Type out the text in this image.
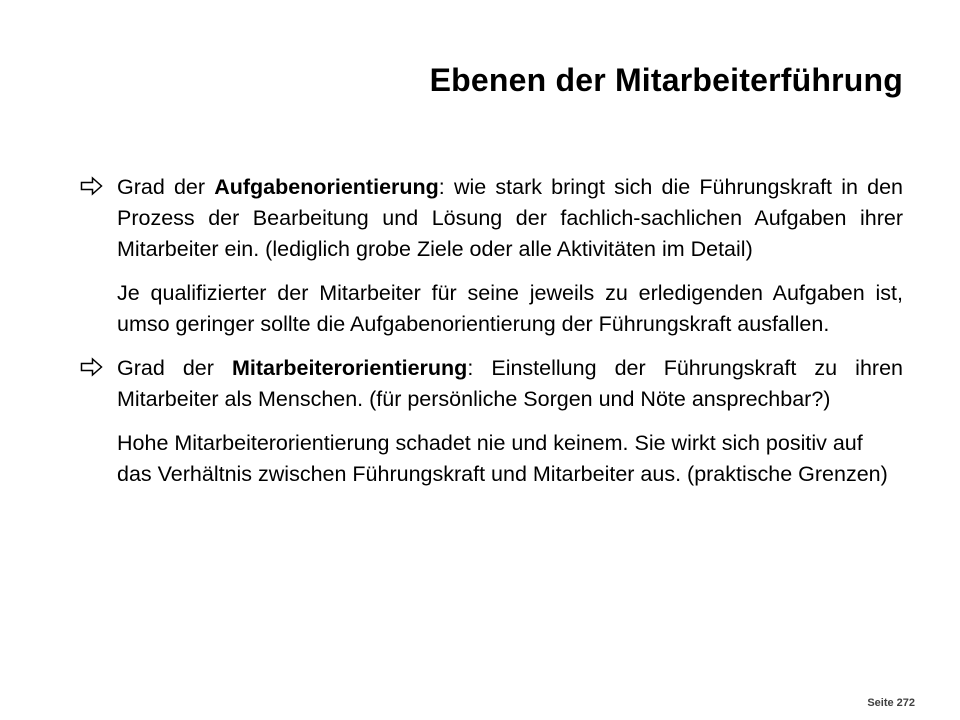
Ebenen der Mitarbeiterführung

Grad der Aufgabenorientierung: wie stark bringt sich die Führungskraft in den Prozess der Bearbeitung und Lösung der fachlich-sachlichen Aufgaben ihrer Mitarbeiter ein. (lediglich grobe Ziele oder alle Aktivitäten im Detail)

Je qualifizierter der Mitarbeiter für seine jeweils zu erledigenden Aufgaben ist, umso geringer sollte die Aufgabenorientierung der Führungskraft ausfallen.

Grad der Mitarbeiterorientierung: Einstellung der Führungskraft zu ihren Mitarbeiter als Menschen. (für persönliche Sorgen und Nöte ansprechbar?)

Hohe Mitarbeiterorientierung schadet nie und keinem. Sie wirkt sich positiv auf das Verhältnis zwischen Führungskraft und Mitarbeiter aus. (praktische Grenzen)

Seite 272
